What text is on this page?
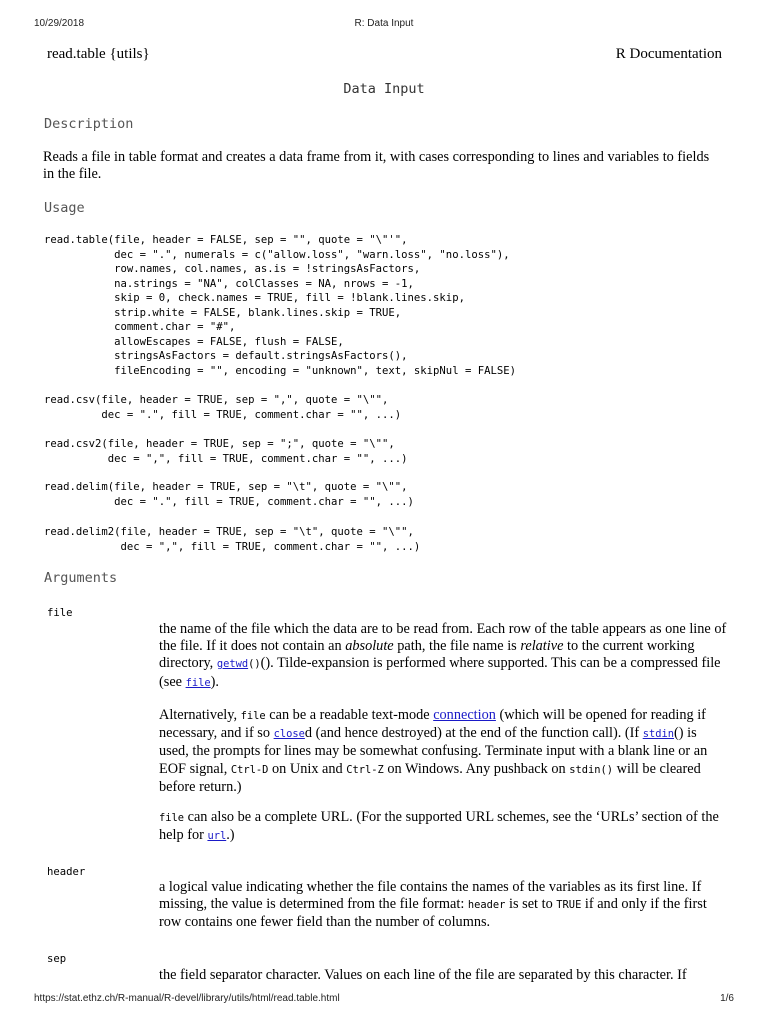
10/29/2018	R: Data Input
read.table {utils}	R Documentation
Data Input
Description

Reads a file in table format and creates a data frame from it, with cases corresponding to lines and variables to fields in the file.

Usage
read.table(file, header = FALSE, sep = "", quote = "\"'",
dec = ".", numerals = c("allow.loss", "warn.loss", "no.loss"),
row.names, col.names, as.is = !stringsAsFactors,
na.strings = "NA", colClasses = NA, nrows = -1,
skip = 0, check.names = TRUE, fill = !blank.lines.skip,
strip.white = FALSE, blank.lines.skip = TRUE,
comment.char = "#",
allowEscapes = FALSE, flush = FALSE,
stringsAsFactors = default.stringsAsFactors(),
fileEncoding = "", encoding = "unknown", text, skipNul = FALSE)
read.csv(file, header = TRUE, sep = ",", quote = "\"",
dec = ".", fill = TRUE, comment.char = "", ...)
read.csv2(file, header = TRUE, sep = ";", quote = "\"",
dec = ",", fill = TRUE, comment.char = "", ...)
read.delim(file, header = TRUE, sep = "\t", quote = "\"",
dec = ".", fill = TRUE, comment.char = "", ...)
read.delim2(file, header = TRUE, sep = "\t", quote = "\"",
dec = ",", fill = TRUE, comment.char = "", ...)
Arguments
file

the name of the file which the data are to be read from. Each row of the table appears as one line of the file. If it does not contain an absolute path, the file name is relative to the current working directory, getwd()(). Tilde-expansion is performed where supported. This can be a compressed file (see file).

Alternatively, file can be a readable text-mode connection (which will be opened for reading if necessary, and if so closed (and hence destroyed) at the end of the function call). (If stdin() is used, the prompts for lines may be somewhat confusing. Terminate input with a blank line or an EOF signal, Ctrl-D on Unix and Ctrl-Z on Windows. Any pushback on stdin() will be cleared before return.)

file can also be a complete URL. (For the supported URL schemes, see the ‘URLs’ section of the help for url.)

header

a logical value indicating whether the file contains the names of the variables as its first line. If missing, the value is determined from the file format: header is set to TRUE if and only if the first row contains one fewer field than the number of columns.

sep

the field separator character. Values on each line of the file are separated by this character. If

https://stat.ethz.ch/R-manual/R-devel/library/utils/html/read.table.html	1/6
